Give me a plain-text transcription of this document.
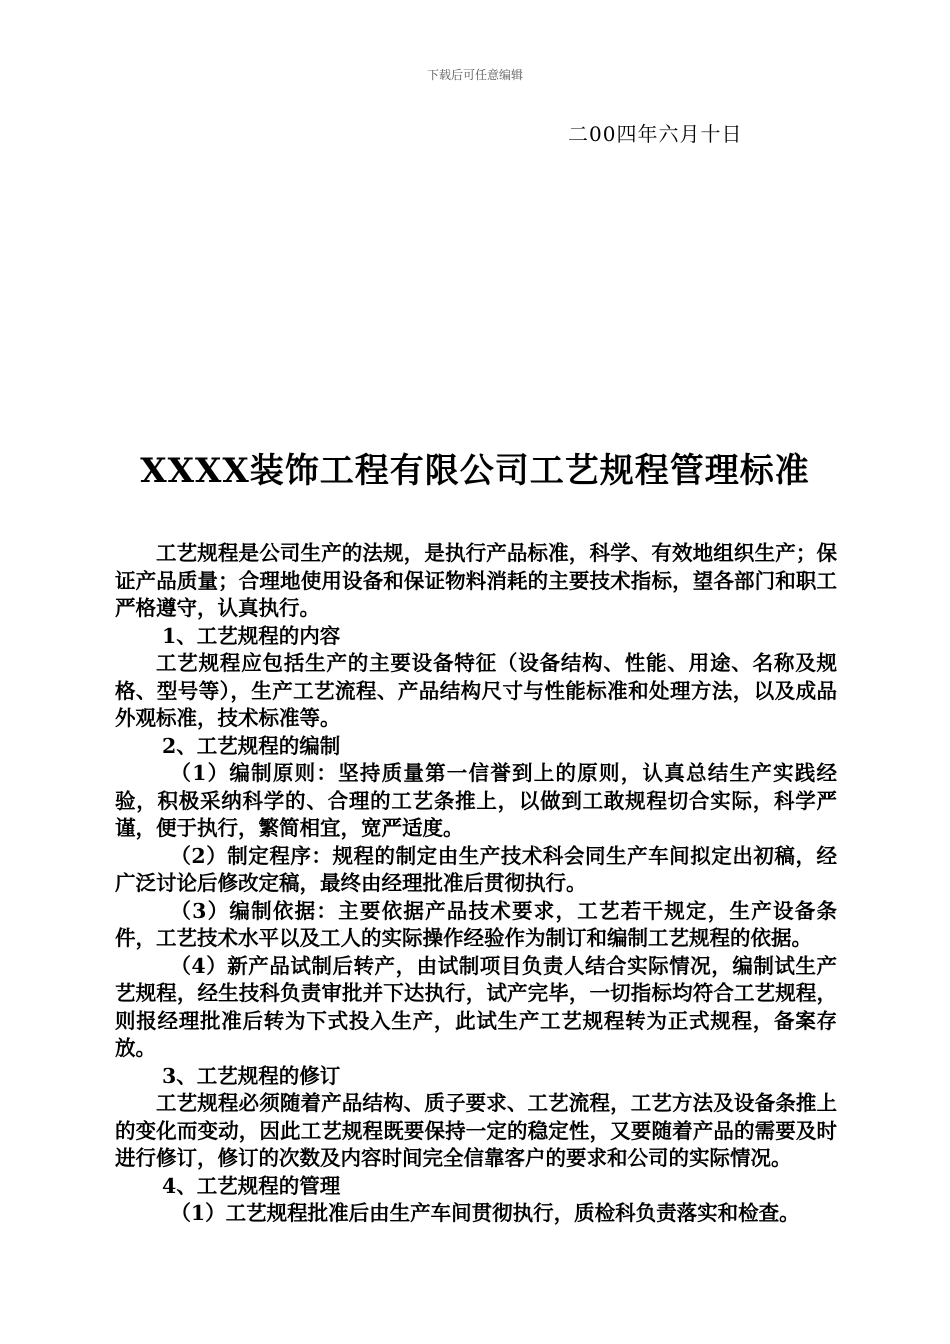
下载后可任意编辑
二00四年六月十日
XXXX装饰工程有限公司工艺规程管理标准

工艺规程是公司生产的法规，是执行产品标准，科学、有效地组织生产；保证产品质量；合理地使用设备和保证物料消耗的主要技术指标，望各部门和职工严格遵守，认真执行。

1、工艺规程的内容

工艺规程应包括生产的主要设备特征（设备结构、性能、用途、名称及规格、型号等），生产工艺流程、产品结构尺寸与性能标准和处理方法，以及成品外观标准，技术标准等。

2、工艺规程的编制

（1）编制原则：坚持质量第一信誉到上的原则，认真总结生产实践经验，积极采纳科学的、合理的工艺条推上，以做到工敢规程切合实际，科学严谨，便于执行，繁简相宜，宽严适度。

（2）制定程序：规程的制定由生产技术科会同生产车间拟定出初稿，经广泛讨论后修改定稿，最终由经理批准后贯彻执行。

（3）编制依据：主要依据产品技术要求，工艺若干规定，生产设备条件，工艺技术水平以及工人的实际操作经验作为制订和编制工艺规程的依据。

（4）新产品试制后转产，由试制项目负责人结合实际情况，编制试生产艺规程，经生技科负责审批并下达执行，试产完毕，一切指标均符合工艺规程，则报经理批准后转为下式投入生产，此试生产工艺规程转为正式规程，备案存放。

3、工艺规程的修订

工艺规程必须随着产品结构、质子要求、工艺流程，工艺方法及设备条推上的变化而变动，因此工艺规程既要保持一定的稳定性，又要随着产品的需要及时进行修订，修订的次数及内容时间完全信靠客户的要求和公司的实际情况。

4、工艺规程的管理

（1）工艺规程批准后由生产车间贯彻执行，质检科负责落实和检查。
